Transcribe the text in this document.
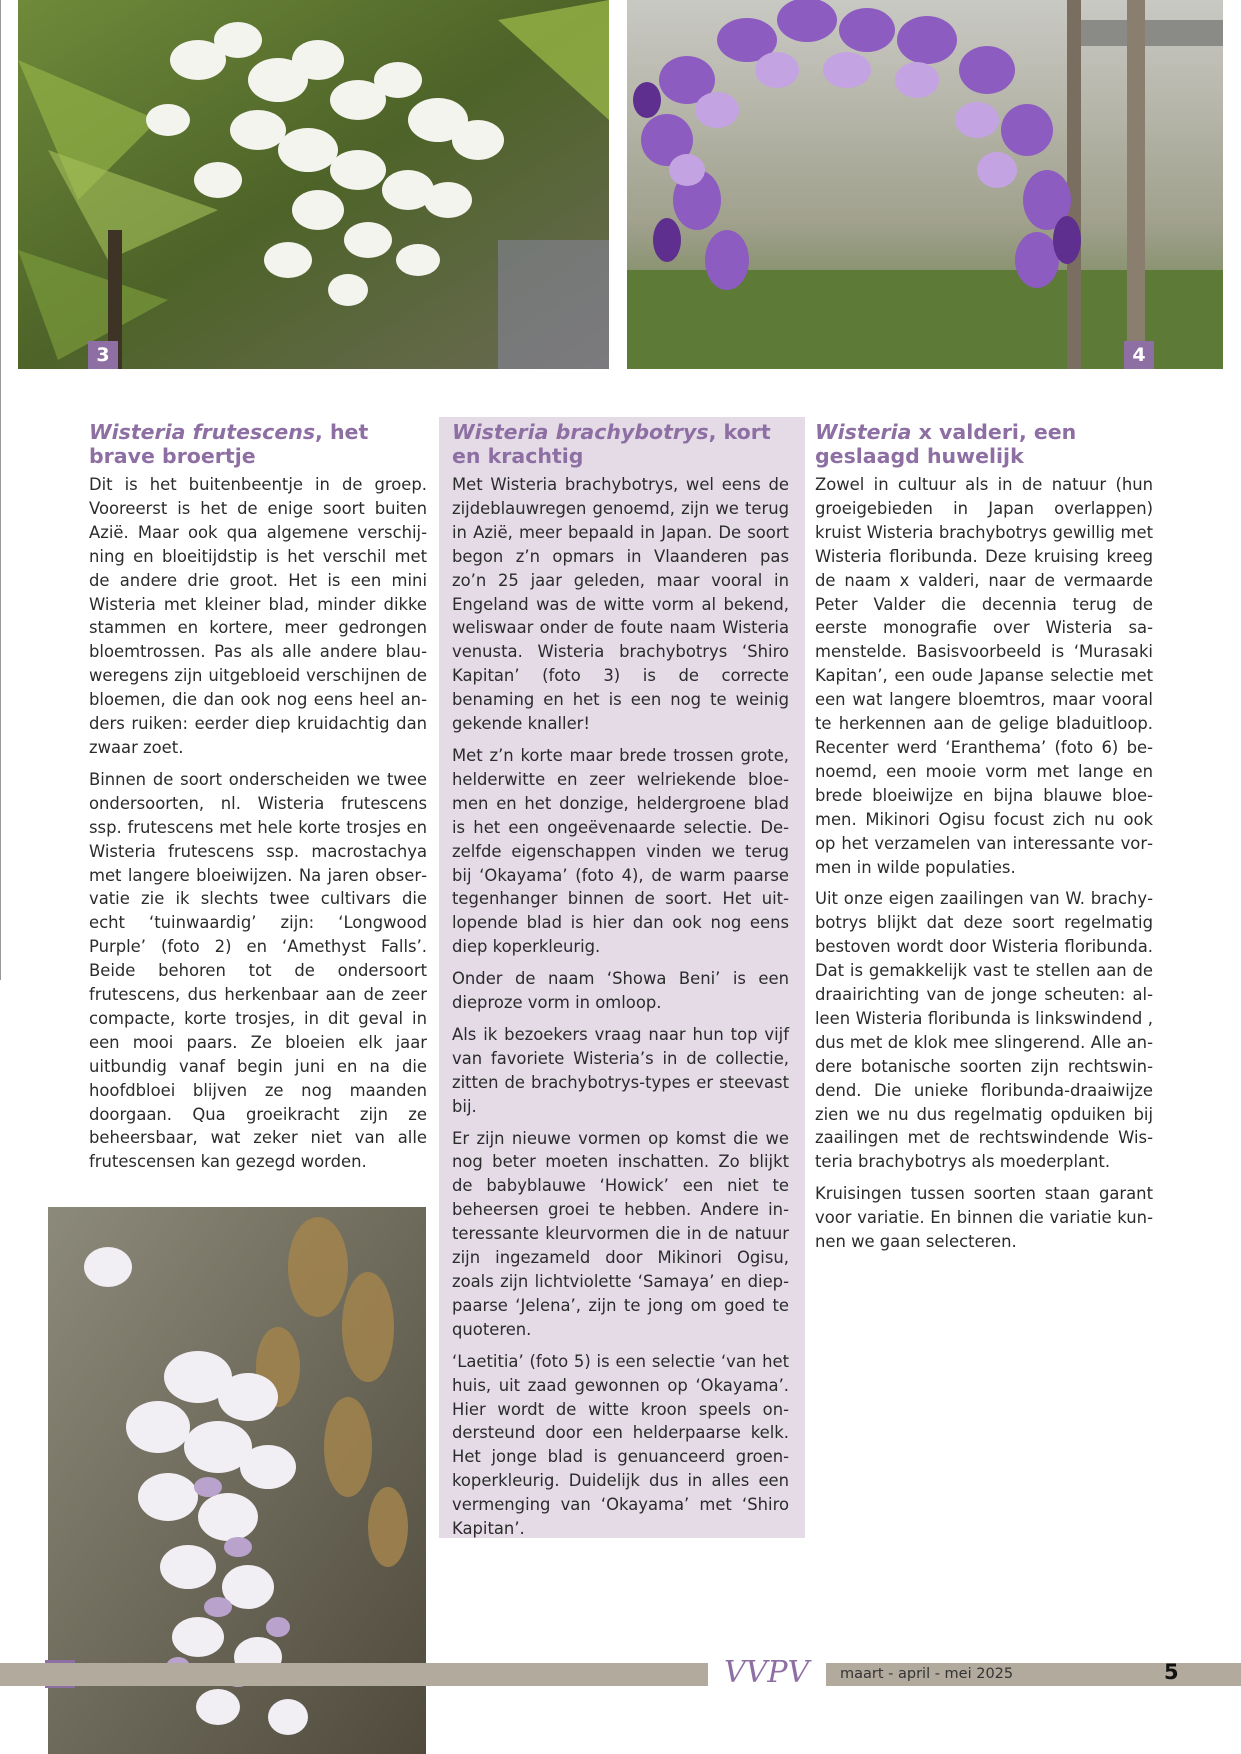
3	4
Wisteria frutescens, het brave broertje

Dit is het buitenbeentje in de groep. Vooreerst is het de enige soort buiten Azië. Maar ook qua algemene verschijning en bloeitijdstip is het verschil met de andere drie groot. Het is een mini Wisteria met kleiner blad, minder dikke stammen en kortere, meer gedrongen bloemtrossen. Pas als alle andere blauweregens zijn uitgebloeid verschijnen de bloemen, die dan ook nog eens heel anders ruiken: eerder diep kruidachtig dan zwaar zoet.

Binnen de soort onderscheiden we twee ondersoorten, nl. Wisteria frutescens ssp. frutescens met hele korte trosjes en Wisteria frutescens ssp. macrostachya met langere bloeiwijzen. Na jaren observatie zie ik slechts twee cultivars die echt ‘tuinwaardig’ zijn: ‘Longwood Purple’ (foto 2) en ‘Amethyst Falls’. Beide behoren tot de ondersoort frutescens, dus herkenbaar aan de zeer compacte, korte trosjes, in dit geval in een mooi paars. Ze bloeien elk jaar uitbundig vanaf begin juni en na die hoofdbloei blijven ze nog maanden doorgaan. Qua groeikracht zijn ze beheersbaar, wat zeker niet van alle frutescensen kan gezegd worden.

Wisteria brachybotrys, kort en krachtig

Met Wisteria brachybotrys, wel eens de zijdeblauwregen genoemd, zijn we terug in Azië, meer bepaald in Japan. De soort begon z’n opmars in Vlaanderen pas zo’n 25 jaar geleden, maar vooral in Engeland was de witte vorm al bekend, weliswaar onder de foute naam Wisteria venusta. Wisteria brachybotrys ‘Shiro Kapitan’ (foto 3) is de correcte benaming en het is een nog te weinig gekende knaller!

Met z’n korte maar brede trossen grote, helderwitte en zeer welriekende bloemen en het donzige, heldergroene blad is het een ongeëvenaarde selectie. Dezelfde eigenschappen vinden we terug bij ‘Okayama’ (foto 4), de warm paarse tegenhanger binnen de soort. Het uitlopende blad is hier dan ook nog eens diep koperkleurig.

Onder de naam ‘Showa Beni’ is een dieproze vorm in omloop.

Als ik bezoekers vraag naar hun top vijf van favoriete Wisteria’s in de collectie, zitten de brachybotrys-types er steevast bij.

Er zijn nieuwe vormen op komst die we nog beter moeten inschatten. Zo blijkt de babyblauwe ‘Howick’ een niet te beheersen groei te hebben. Andere interessante kleurvormen die in de natuur zijn ingezameld door Mikinori Ogisu, zoals zijn lichtviolette ‘Samaya’ en dieppaarse ‘Jelena’, zijn te jong om goed te quoteren.

‘Laetitia’ (foto 5) is een selectie ‘van het huis, uit zaad gewonnen op ‘Okayama’. Hier wordt de witte kroon speels ondersteund door een helderpaarse kelk. Het jonge blad is genuanceerd groen-koperkleurig. Duidelijk dus in alles een vermenging van ‘Okayama’ met ‘Shiro Kapitan’.

Wisteria x valderi, een geslaagd huwelijk

Zowel in cultuur als in de natuur (hun groeigebieden in Japan overlappen) kruist Wisteria brachybotrys gewillig met Wisteria floribunda. Deze kruising kreeg de naam x valderi, naar de vermaarde Peter Valder die decennia terug de eerste monografie over Wisteria samenstelde. Basisvoorbeeld is ‘Murasaki Kapitan’, een oude Japanse selectie met een wat langere bloemtros, maar vooral te herkennen aan de gelige bladuitloop. Recenter werd ‘Eranthema’ (foto 6) benoemd, een mooie vorm met lange en brede bloeiwijze en bijna blauwe bloemen. Mikinori Ogisu focust zich nu ook op het verzamelen van interessante vormen in wilde populaties.

Uit onze eigen zaailingen van W. brachybotrys blijkt dat deze soort regelmatig bestoven wordt door Wisteria floribunda. Dat is gemakkelijk vast te stellen aan de draairichting van de jonge scheuten: alleen Wisteria floribunda is linkswindend , dus met de klok mee slingerend. Alle andere botanische soorten zijn rechtswindend. Die unieke floribunda-draaiwijze zien we nu dus regelmatig opduiken bij zaailingen met de rechtswindende Wisteria brachybotrys als moederplant.

Kruisingen tussen soorten staan garant voor variatie. En binnen die variatie kunnen we gaan selecteren.

VVPV maart - april - mei 2025	5
